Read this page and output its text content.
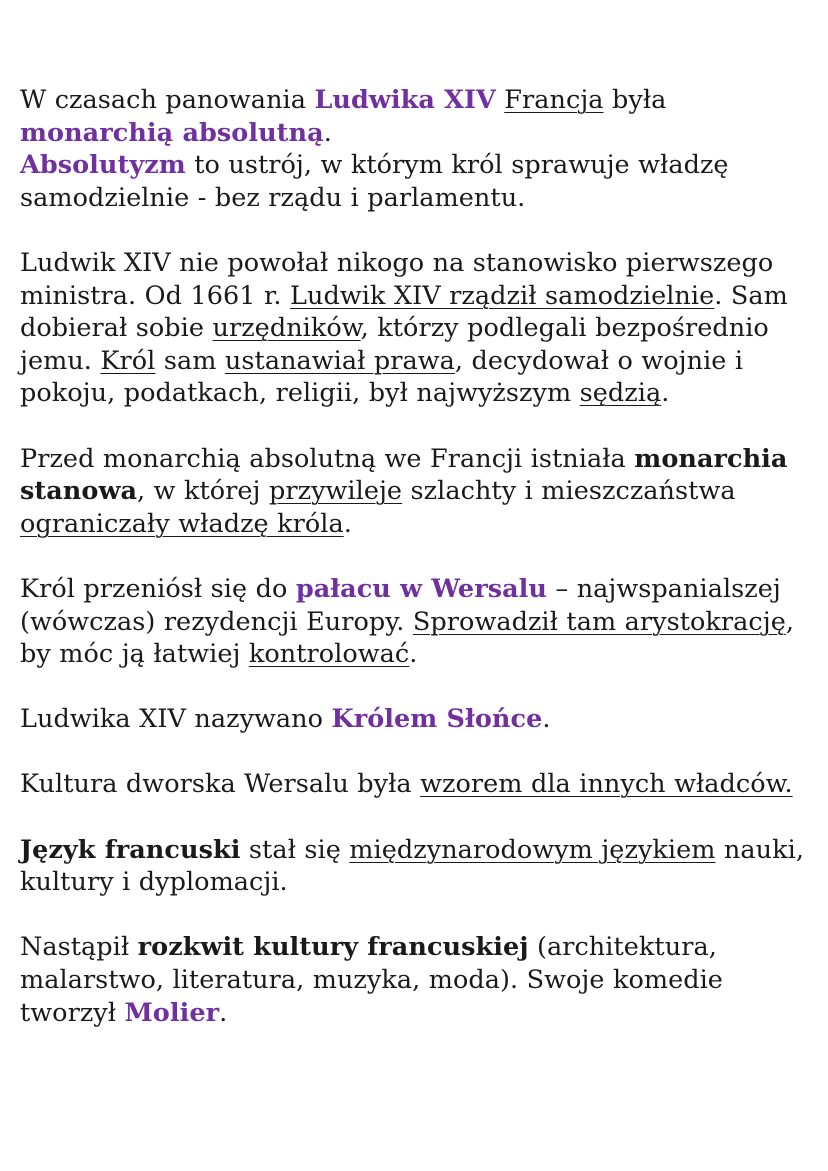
W czasach panowania Ludwika XIV Francja była
monarchią absolutną.
Absolutyzm to ustrój, w którym król sprawuje władzę samodzielnie - bez rządu i parlamentu.

Ludwik XIV nie powołał nikogo na stanowisko pierwszego ministra. Od 1661 r. Ludwik XIV rządził samodzielnie. Sam dobierał sobie urzędników, którzy podlegali bezpośrednio jemu. Król sam ustanawiał prawa, decydował o wojnie i pokoju, podatkach, religii, był najwyższym sędzią.

Przed monarchią absolutną we Francji istniała monarchia stanowa, w której przywileje szlachty i mieszczaństwa ograniczały władzę króla.

Król przeniósł się do pałacu w Wersalu – najwspanialszej (wówczas) rezydencji Europy. Sprowadził tam arystokrację, by móc ją łatwiej kontrolować.

Ludwika XIV nazywano Królem Słońce.

Kultura dworska Wersalu była wzorem dla innych władców.

Język francuski stał się międzynarodowym językiem nauki, kultury i dyplomacji.

Nastąpił rozkwit kultury francuskiej (architektura, malarstwo, literatura, muzyka, moda). Swoje komedie tworzył Molier.
